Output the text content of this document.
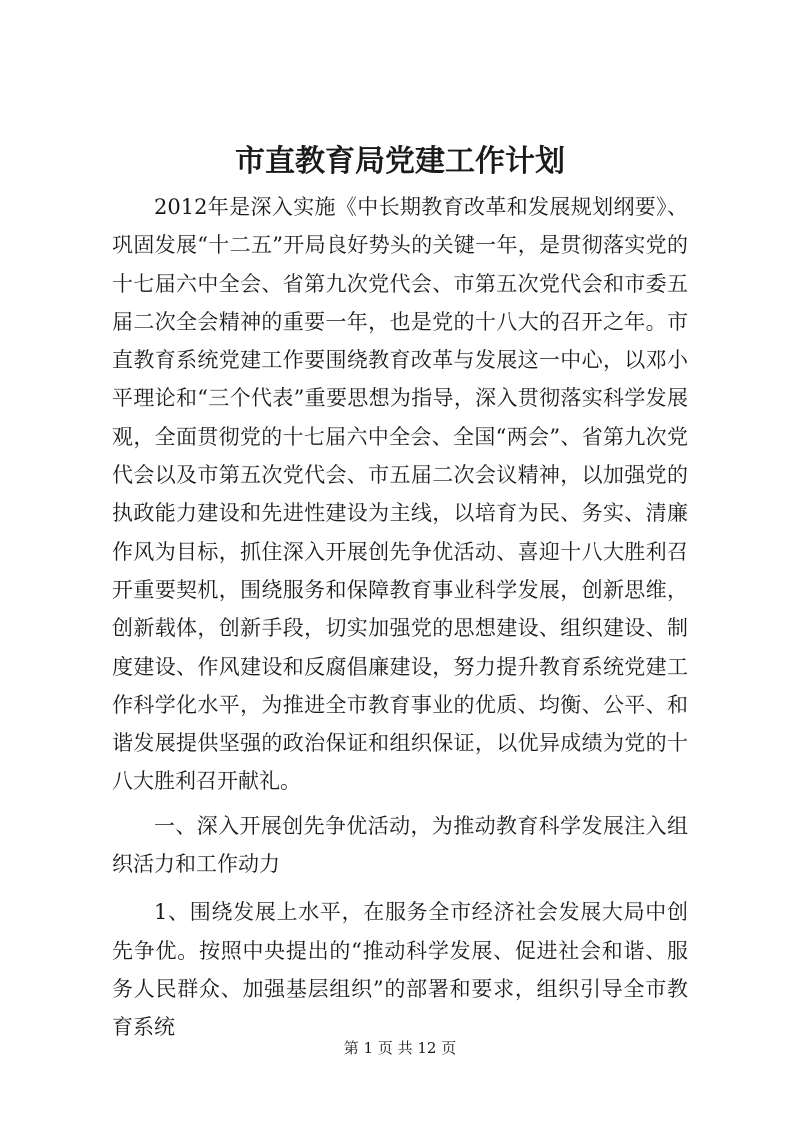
市直教育局党建工作计划

2012年是深入实施《中长期教育改革和发展规划纲要》、巩固发展“十二五”开局良好势头的关键一年，是贯彻落实党的十七届六中全会、省第九次党代会、市第五次党代会和市委五届二次全会精神的重要一年，也是党的十八大的召开之年。市直教育系统党建工作要围绕教育改革与发展这一中心，以邓小平理论和“三个代表”重要思想为指导，深入贯彻落实科学发展观，全面贯彻党的十七届六中全会、全国“两会”、省第九次党代会以及市第五次党代会、市五届二次会议精神，以加强党的执政能力建设和先进性建设为主线，以培育为民、务实、清廉作风为目标，抓住深入开展创先争优活动、喜迎十八大胜利召开重要契机，围绕服务和保障教育事业科学发展，创新思维，创新载体，创新手段，切实加强党的思想建设、组织建设、制度建设、作风建设和反腐倡廉建设，努力提升教育系统党建工作科学化水平，为推进全市教育事业的优质、均衡、公平、和谐发展提供坚强的政治保证和组织保证，以优异成绩为党的十八大胜利召开献礼。

一、深入开展创先争优活动，为推动教育科学发展注入组织活力和工作动力

1、围绕发展上水平，在服务全市经济社会发展大局中创先争优。按照中央提出的“推动科学发展、促进社会和谐、服务人民群众、加强基层组织”的部署和要求，组织引导全市教育系统

第 1 页 共 12 页
